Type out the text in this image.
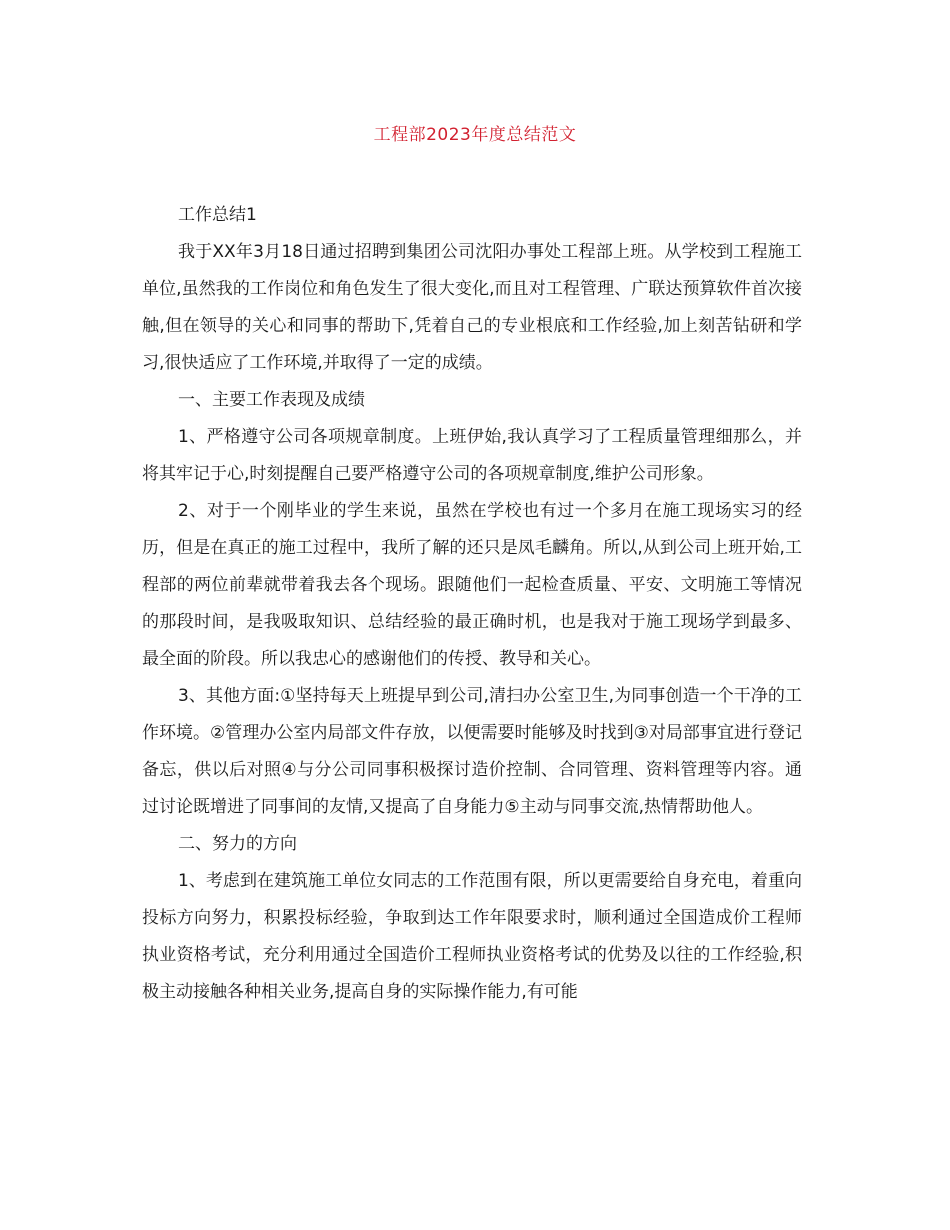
工程部2023年度总结范文

工作总结1

我于XX年3月18日通过招聘到集团公司沈阳办事处工程部上班。从学校到工程施工单位,虽然我的工作岗位和角色发生了很大变化,而且对工程管理、广联达预算软件首次接触,但在领导的关心和同事的帮助下,凭着自己的专业根底和工作经验,加上刻苦钻研和学习,很快适应了工作环境,并取得了一定的成绩。

一、主要工作表现及成绩

1、严格遵守公司各项规章制度。上班伊始,我认真学习了工程质量管理细那么，并将其牢记于心,时刻提醒自己要严格遵守公司的各项规章制度,维护公司形象。

2、对于一个刚毕业的学生来说，虽然在学校也有过一个多月在施工现场实习的经历，但是在真正的施工过程中，我所了解的还只是凤毛麟角。所以,从到公司上班开始,工程部的两位前辈就带着我去各个现场。跟随他们一起检查质量、平安、文明施工等情况的那段时间，是我吸取知识、总结经验的最正确时机，也是我对于施工现场学到最多、最全面的阶段。所以我忠心的感谢他们的传授、教导和关心。

3、其他方面:①坚持每天上班提早到公司,清扫办公室卫生,为同事创造一个干净的工作环境。②管理办公室内局部文件存放，以便需要时能够及时找到③对局部事宜进行登记备忘，供以后对照④与分公司同事积极探讨造价控制、合同管理、资料管理等内容。通过讨论既增进了同事间的友情,又提高了自身能力⑤主动与同事交流,热情帮助他人。

二、努力的方向

1、考虑到在建筑施工单位女同志的工作范围有限，所以更需要给自身充电，着重向投标方向努力，积累投标经验，争取到达工作年限要求时，顺利通过全国造成价工程师执业资格考试，充分利用通过全国造价工程师执业资格考试的优势及以往的工作经验,积极主动接触各种相关业务,提高自身的实际操作能力,有可能
